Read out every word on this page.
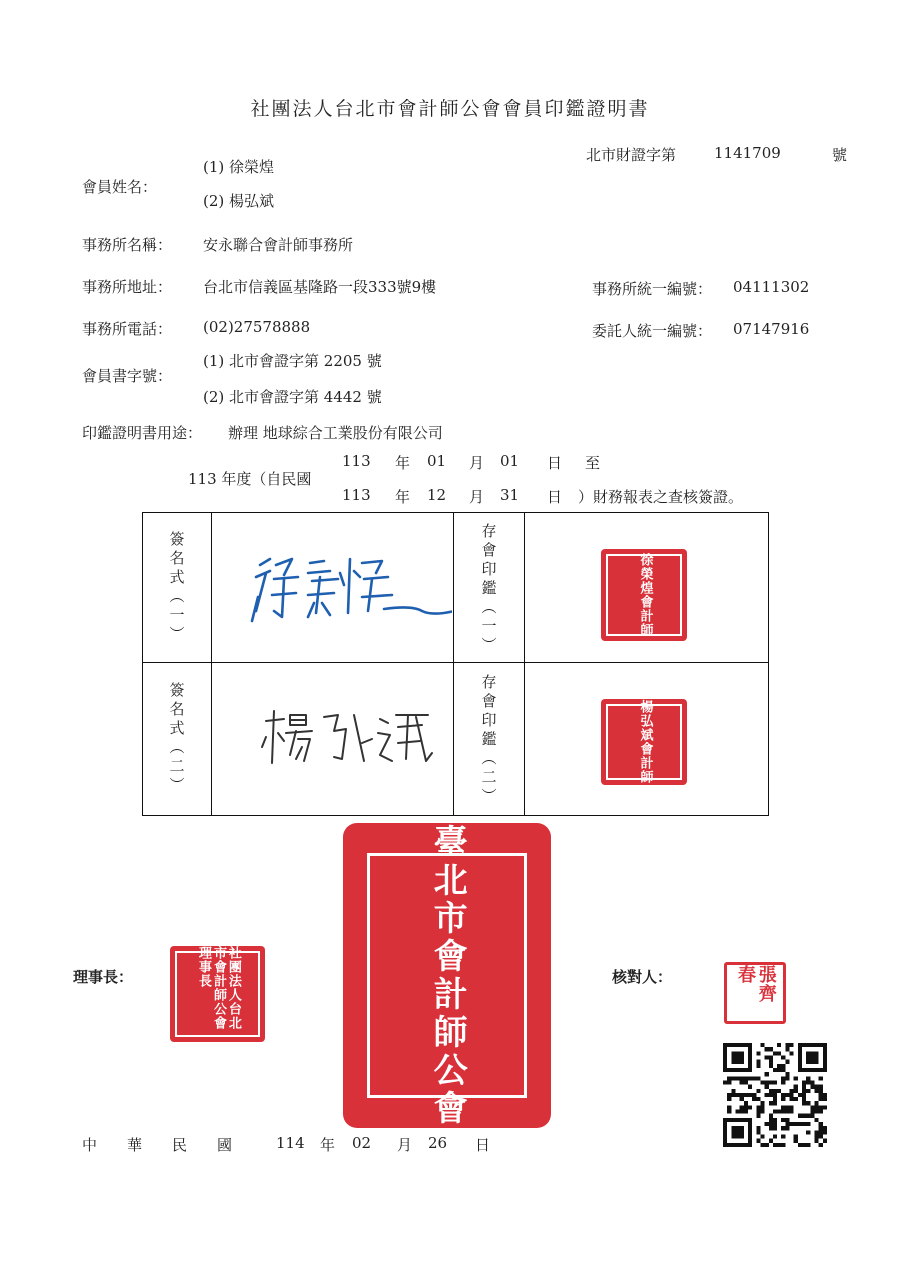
社團法人台北市會計師公會會員印鑑證明書
北市財證字第	1141709	號
會員姓名：
(1) 徐榮煌
(2) 楊弘斌
事務所名稱： 安永聯合會計師事務所
事務所地址： 台北市信義區基隆路一段333號9樓	事務所統一編號： 04111302
事務所電話： (02)27578888	委託人統一編號： 07147916
會員書字號：
(1) 北市會證字第 2205 號
(2) 北市會證字第 4442 號
印鑑證明書用途： 辦理 地球綜合工業股份有限公司
113 年度（自民國
113 年 01 月 01 日 至
113 年 12 月 31 日 ）財務報表之查核簽證。
簽名式（一）		存會印鑑（一）	徐榮煌會計師

簽名式（二）		存會印鑑（二）	楊弘斌會計師
臺北市會計師公會
理事長：	社團法人台北市會計師公會理事長	核對人：	張齊春
中　　華　　民　　國	114 年 02 月 26 日
